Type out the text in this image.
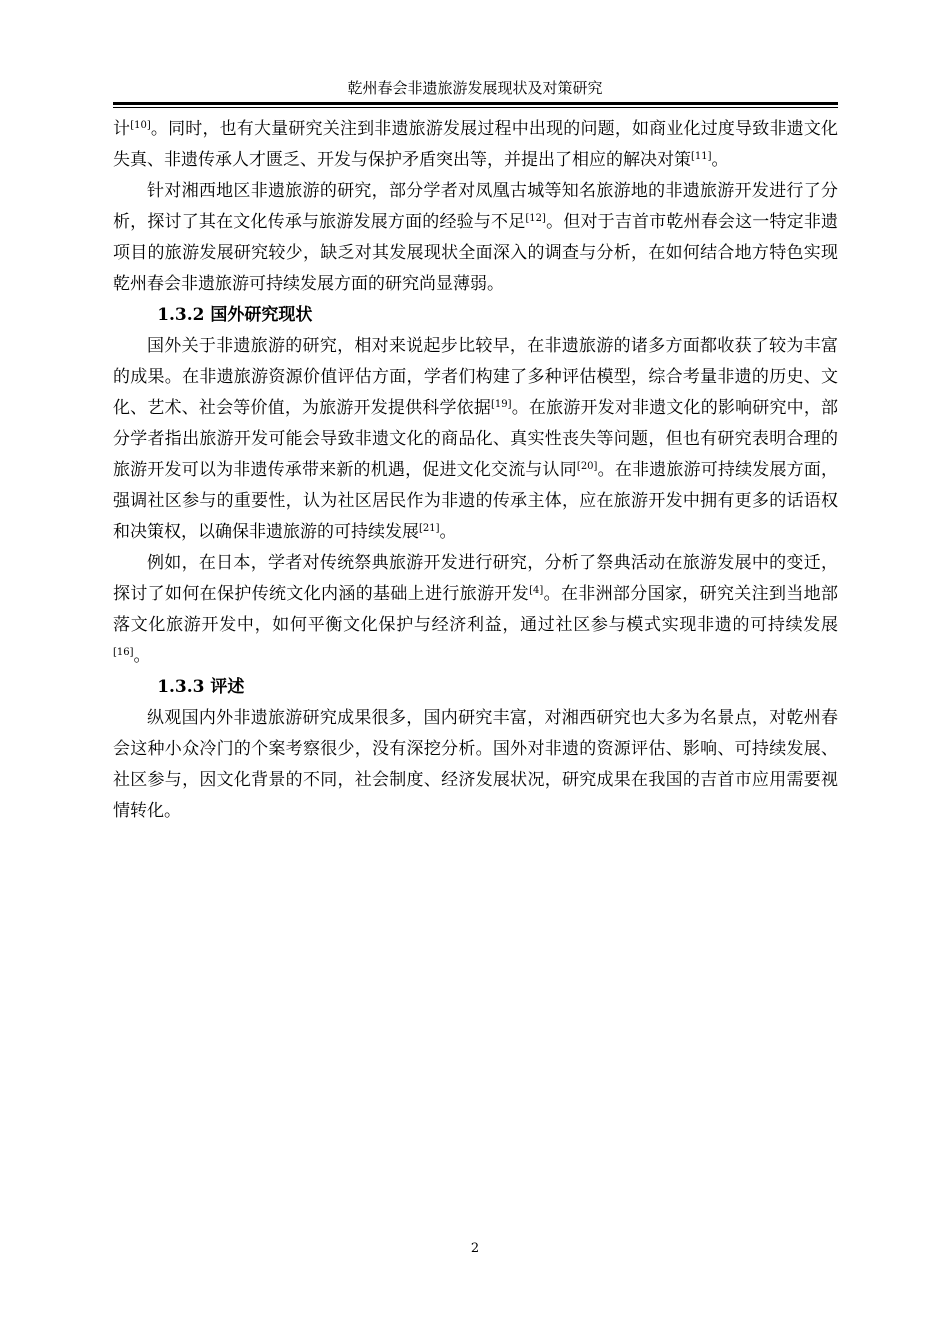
乾州春会非遗旅游发展现状及对策研究

计[10]。同时，也有大量研究关注到非遗旅游发展过程中出现的问题，如商业化过度导致非遗文化失真、非遗传承人才匮乏、开发与保护矛盾突出等，并提出了相应的解决对策[11]。

针对湘西地区非遗旅游的研究，部分学者对凤凰古城等知名旅游地的非遗旅游开发进行了分析，探讨了其在文化传承与旅游发展方面的经验与不足[12]。但对于吉首市乾州春会这一特定非遗项目的旅游发展研究较少，缺乏对其发展现状全面深入的调查与分析，在如何结合地方特色实现乾州春会非遗旅游可持续发展方面的研究尚显薄弱。

1.3.2 国外研究现状

国外关于非遗旅游的研究，相对来说起步比较早，在非遗旅游的诸多方面都收获了较为丰富的成果。在非遗旅游资源价值评估方面，学者们构建了多种评估模型，综合考量非遗的历史、文化、艺术、社会等价值，为旅游开发提供科学依据[19]。在旅游开发对非遗文化的影响研究中，部分学者指出旅游开发可能会导致非遗文化的商品化、真实性丧失等问题，但也有研究表明合理的旅游开发可以为非遗传承带来新的机遇，促进文化交流与认同[20]。在非遗旅游可持续发展方面，强调社区参与的重要性，认为社区居民作为非遗的传承主体，应在旅游开发中拥有更多的话语权和决策权，以确保非遗旅游的可持续发展[21]。

例如，在日本，学者对传统祭典旅游开发进行研究，分析了祭典活动在旅游发展中的变迁，探讨了如何在保护传统文化内涵的基础上进行旅游开发[4]。在非洲部分国家，研究关注到当地部落文化旅游开发中，如何平衡文化保护与经济利益，通过社区参与模式实现非遗的可持续发展[16]。

1.3.3 评述

纵观国内外非遗旅游研究成果很多，国内研究丰富，对湘西研究也大多为名景点，对乾州春会这种小众冷门的个案考察很少，没有深挖分析。国外对非遗的资源评估、影响、可持续发展、社区参与，因文化背景的不同，社会制度、经济发展状况，研究成果在我国的吉首市应用需要视情转化。

2
